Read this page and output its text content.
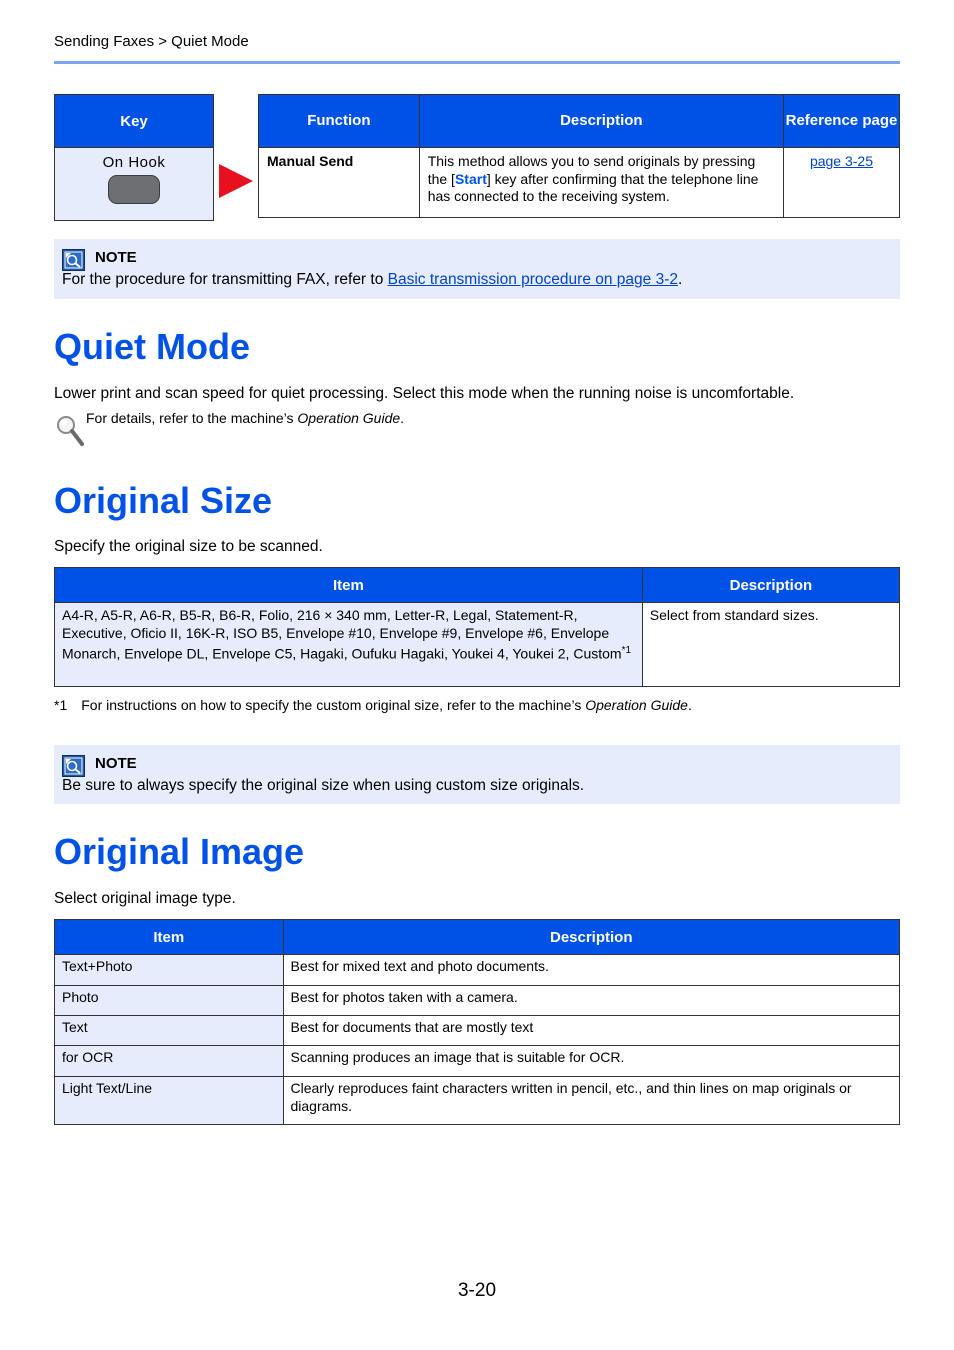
Sending Faxes > Quiet Mode
Key

On Hook
Function	Description	Reference page
Manual Send	This method allows you to send originals by pressing the [Start] key after confirming that the telephone line has connected to the receiving system.	page 3-25
NOTE
For the procedure for transmitting FAX, refer to Basic transmission procedure on page 3-2.
Quiet Mode
Lower print and scan speed for quiet processing. Select this mode when the running noise is uncomfortable.
For details, refer to the machine’s Operation Guide.
Original Size
Specify the original size to be scanned.
Item	Description
A4-R, A5-R, A6-R, B5-R, B6-R, Folio, 216 × 340 mm, Letter-R, Legal, Statement-R, Executive, Oficio II, 16K-R, ISO B5, Envelope #10, Envelope #9, Envelope #6, Envelope Monarch, Envelope DL, Envelope C5, Hagaki, Oufuku Hagaki, Youkei 4, Youkei 2, Custom$^{*1}$	Select from standard sizes.
*1 For instructions on how to specify the custom original size, refer to the machine’s Operation Guide.
NOTE
Be sure to always specify the original size when using custom size originals.
Original Image
Select original image type.
Item	Description
Text+Photo	Best for mixed text and photo documents.
Photo	Best for photos taken with a camera.
Text	Best for documents that are mostly text
for OCR	Scanning produces an image that is suitable for OCR.
Light Text/Line	Clearly reproduces faint characters written in pencil, etc., and thin lines on map originals or diagrams.
3-20
